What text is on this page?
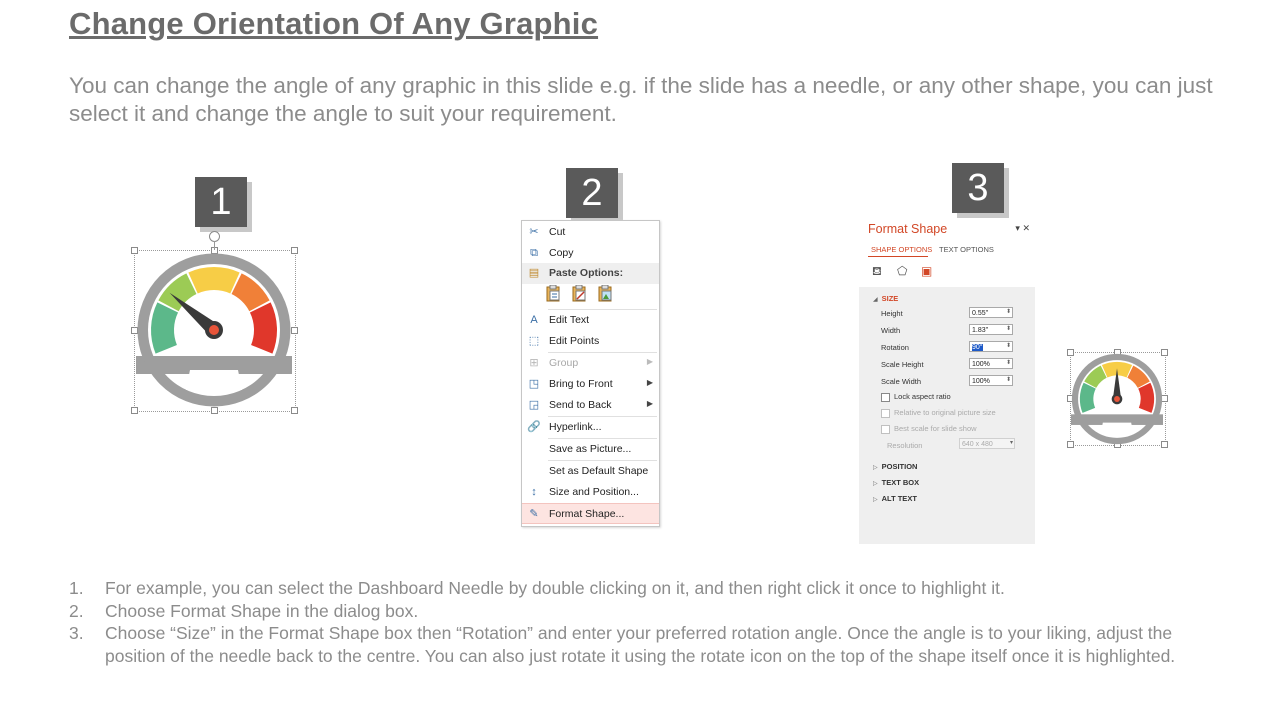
Change Orientation Of Any Graphic

You can change the angle of any graphic in this slide e.g. if the slide has a needle, or any other shape, you can just select it and change the angle to suit your requirement.

1	2
✂ Cut
⧉	Copy
▤ Paste Options:
A	Edit Text
⬚ Edit Points
⊞ Group	▶
◳ Bring to Front	▶
◲ Send to Back	▶
🔗 Hyperlink...
Save as Picture...
Set as Default Shape
↕	Size and Position...
✎ Format Shape...
3
Format Shape	▾ ✕
SHAPE OPTIONS TEXT OPTIONS
⛾ ⬠ ▣
◢ SIZE
Height	0.55"	⬍
Width	1.83"	⬍
Rotation	90°	⬍
Scale Height	100%	⬍
Scale Width	100%	⬍
Lock aspect ratio
Relative to original picture size
Best scale for slide show
Resolution	640 x 480	▾
▷ POSITION
▷ TEXT BOX
▷ ALT TEXT
1. For example, you can select the Dashboard Needle by double clicking on it, and then right click it once to highlight it.
2. Choose Format Shape in the dialog box.
3. Choose “Size” in the Format Shape box then “Rotation” and enter your preferred rotation angle. Once the angle is to your liking, adjust the position of the needle back to the centre. You can also just rotate it using the rotate icon on the top of the shape itself once it is highlighted.
